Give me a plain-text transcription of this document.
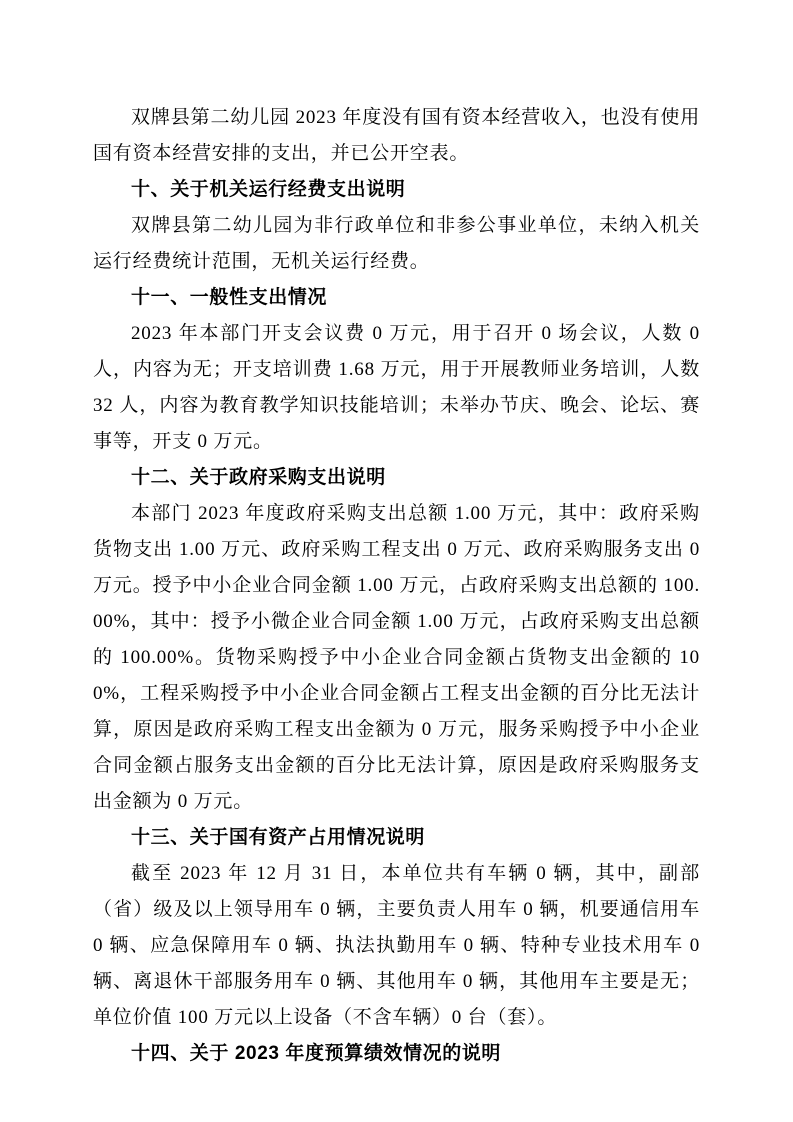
双牌县第二幼儿园 2023 年度没有国有资本经营收入，也没有使用国有资本经营安排的支出，并已公开空表。

十、关于机关运行经费支出说明

双牌县第二幼儿园为非行政单位和非参公事业单位，未纳入机关运行经费统计范围，无机关运行经费。

十一、一般性支出情况

2023 年本部门开支会议费 0 万元，用于召开 0 场会议，人数 0 人，内容为无；开支培训费 1.68 万元，用于开展教师业务培训，人数 32 人，内容为教育教学知识技能培训；未举办节庆、晚会、论坛、赛事等，开支 0 万元。

十二、关于政府采购支出说明

本部门 2023 年度政府采购支出总额 1.00 万元，其中：政府采购货物支出 1.00 万元、政府采购工程支出 0 万元、政府采购服务支出 0 万元。授予中小企业合同金额 1.00 万元，占政府采购支出总额的 100.00%，其中：授予小微企业合同金额 1.00 万元，占政府采购支出总额的 100.00%。货物采购授予中小企业合同金额占货物支出金额的 100%，工程采购授予中小企业合同金额占工程支出金额的百分比无法计算，原因是政府采购工程支出金额为 0 万元，服务采购授予中小企业合同金额占服务支出金额的百分比无法计算，原因是政府采购服务支出金额为 0 万元。

十三、关于国有资产占用情况说明

截至 2023 年 12 月 31 日，本单位共有车辆 0 辆，其中，副部（省）级及以上领导用车 0 辆，主要负责人用车 0 辆，机要通信用车 0 辆、应急保障用车 0 辆、执法执勤用车 0 辆、特种专业技术用车 0 辆、离退休干部服务用车 0 辆、其他用车 0 辆，其他用车主要是无；单位价值 100 万元以上设备（不含车辆）0 台（套）。

十四、关于 2023 年度预算绩效情况的说明
